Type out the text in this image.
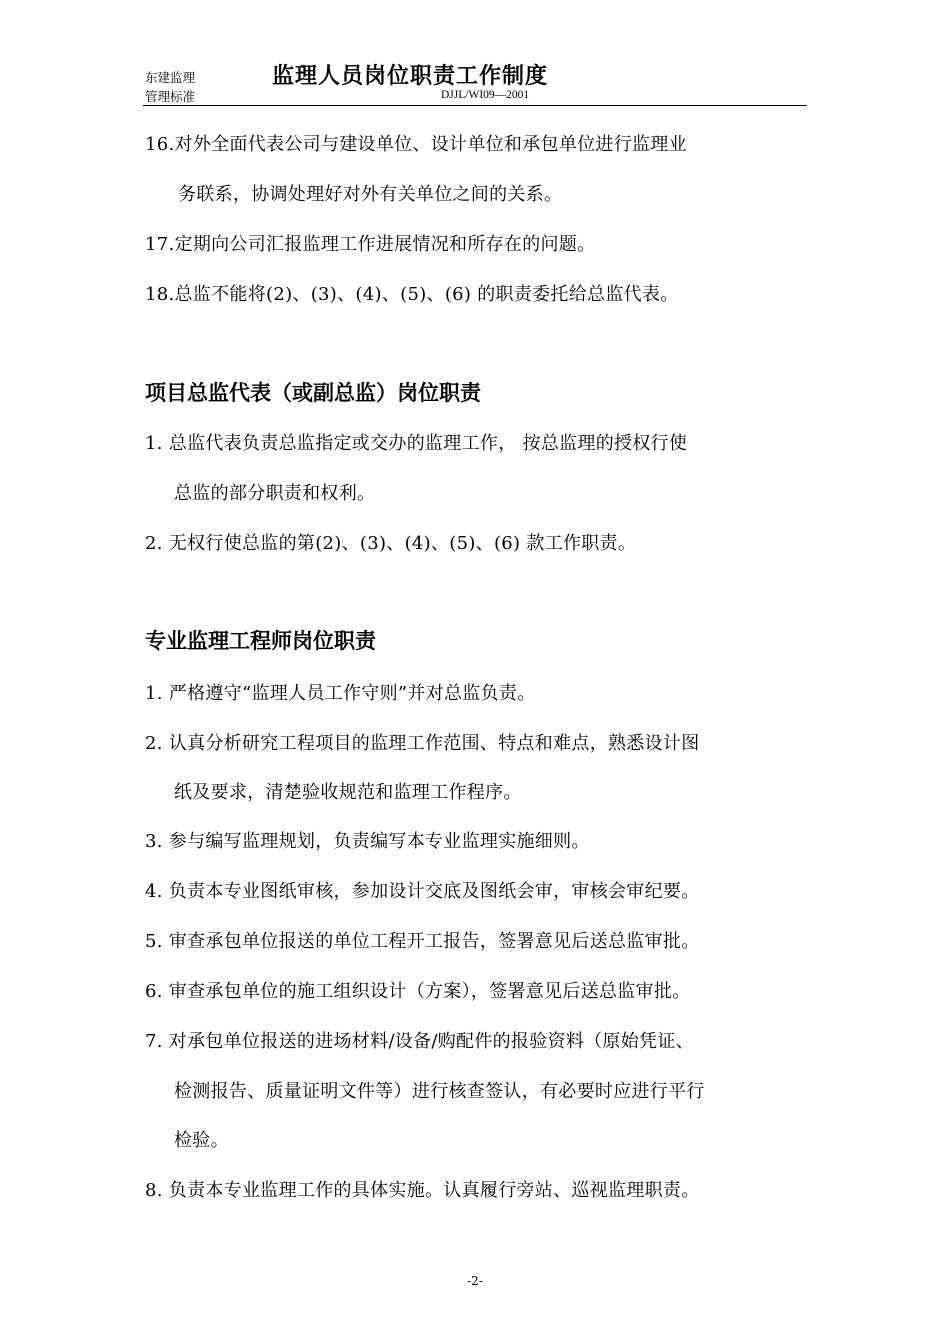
东建监理
管理标准
监理人员岗位职责工作制度
DJJL/WI09—2001
16.对外全面代表公司与建设单位、设计单位和承包单位进行监理业
务联系，协调处理好对外有关单位之间的关系。
17.定期向公司汇报监理工作进展情况和所存在的问题。
18.总监不能将(2)、(3)、(4)、(5)、(6) 的职责委托给总监代表。
项目总监代表（或副总监）岗位职责
1. 总监代表负责总监指定或交办的监理工作， 按总监理的授权行使
总监的部分职责和权利。
2. 无权行使总监的第(2)、(3)、(4)、(5)、(6) 款工作职责。
专业监理工程师岗位职责
1. 严格遵守“监理人员工作守则”并对总监负责。
2. 认真分析研究工程项目的监理工作范围、特点和难点，熟悉设计图
纸及要求，清楚验收规范和监理工作程序。
3. 参与编写监理规划，负责编写本专业监理实施细则。
4. 负责本专业图纸审核，参加设计交底及图纸会审，审核会审纪要。
5. 审查承包单位报送的单位工程开工报告，签署意见后送总监审批。
6. 审查承包单位的施工组织设计（方案），签署意见后送总监审批。
7. 对承包单位报送的进场材料/设备/购配件的报验资料（原始凭证、
检测报告、质量证明文件等）进行核查签认，有必要时应进行平行
检验。
8. 负责本专业监理工作的具体实施。认真履行旁站、巡视监理职责。
-2-
